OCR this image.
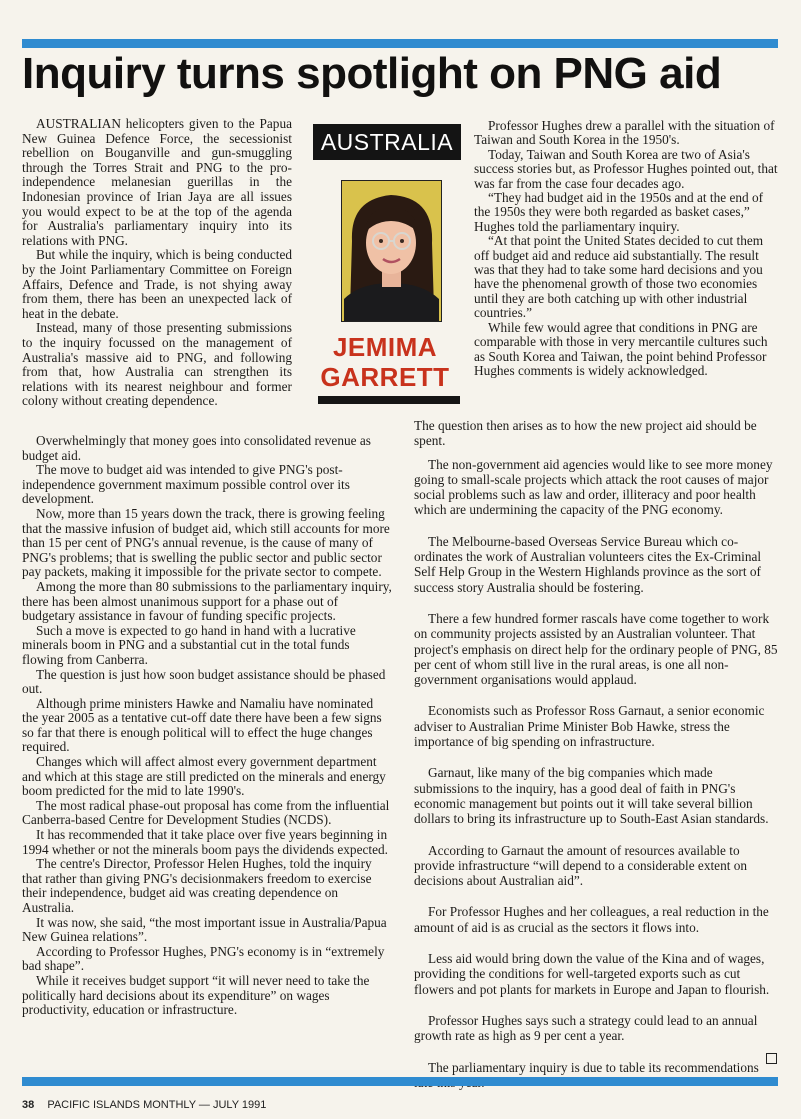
Inquiry turns spotlight on PNG aid

AUSTRALIAN helicopters given to the Papua New Guinea Defence Force, the secessionist rebellion on Bouganville and gun-smuggling through the Torres Strait and PNG to the pro-independence melanesian guerillas in the Indonesian province of Irian Jaya are all issues you would expect to be at the top of the agenda for Australia's parliamentary inquiry into its relations with PNG.

But while the inquiry, which is being conducted by the Joint Parliamentary Committee on Foreign Affairs, Defence and Trade, is not shying away from them, there has been an unexpected lack of heat in the debate.

Instead, many of those presenting submissions to the inquiry focussed on the management of Australia's massive aid to PNG, and following from that, how Australia can strengthen its relations with its nearest neighbour and former colony without creating dependence.

AUSTRALIA
JEMIMA
GARRETT

Overwhelmingly that money goes into consolidated revenue as budget aid.

The move to budget aid was intended to give PNG's post-independence government maximum possible control over its development.

Now, more than 15 years down the track, there is growing feeling that the massive infusion of budget aid, which still accounts for more than 15 per cent of PNG's annual revenue, is the cause of many of PNG's problems; that is swelling the public sector and public sector pay packets, making it impossible for the private sector to compete.

Among the more than 80 submissions to the parliamentary inquiry, there has been almost unanimous support for a phase out of budgetary assistance in favour of funding specific projects.

Such a move is expected to go hand in hand with a lucrative minerals boom in PNG and a substantial cut in the total funds flowing from Canberra.

The question is just how soon budget assistance should be phased out.

Although prime ministers Hawke and Namaliu have nominated the year 2005 as a tentative cut-off date there have been a few signs so far that there is enough political will to effect the huge changes required.

Changes which will affect almost every government department and which at this stage are still predicted on the minerals and energy boom predicted for the mid to late 1990's.

The most radical phase-out proposal has come from the influential Canberra-based Centre for Development Studies (NCDS).

It has recommended that it take place over five years beginning in 1994 whether or not the minerals boom pays the dividends expected.

The centre's Director, Professor Helen Hughes, told the inquiry that rather than giving PNG's decisionmakers freedom to exercise their independence, budget aid was creating dependence on Australia.

It was now, she said, “the most important issue in Australia/Papua New Guinea relations”.

According to Professor Hughes, PNG's economy is in “extremely bad shape”.

While it receives budget support “it will never need to take the politically hard decisions about its expenditure” on wages productivity, education or infrastructure.

Professor Hughes drew a parallel with the situation of Taiwan and South Korea in the 1950's.

Today, Taiwan and South Korea are two of Asia's success stories but, as Professor Hughes pointed out, that was far from the case four decades ago.

“They had budget aid in the 1950s and at the end of the 1950s they were both regarded as basket cases,” Hughes told the parliamentary inquiry.

“At that point the United States decided to cut them off budget aid and reduce aid substantially. The result was that they had to take some hard decisions and you have the phenomenal growth of those two economies until they are both catching up with other industrial countries.”

While few would agree that conditions in PNG are comparable with those in very mercantile cultures such as South Korea and Taiwan, the point behind Professor Hughes comments is widely acknowledged.

The question then arises as to how the new project aid should be spent.

The non-government aid agencies would like to see more money going to small-scale projects which attack the root causes of major social problems such as law and order, illiteracy and poor health which are undermining the capacity of the PNG economy.

The Melbourne-based Overseas Service Bureau which co-ordinates the work of Australian volunteers cites the Ex-Criminal Self Help Group in the Western Highlands province as the sort of success story Australia should be fostering.

There a few hundred former rascals have come together to work on community projects assisted by an Australian volunteer. That project's emphasis on direct help for the ordinary people of PNG, 85 per cent of whom still live in the rural areas, is one all non-government organisations would applaud.

Economists such as Professor Ross Garnaut, a senior economic adviser to Australian Prime Minister Bob Hawke, stress the importance of big spending on infrastructure.

Garnaut, like many of the big companies which made submissions to the inquiry, has a good deal of faith in PNG's economic management but points out it will take several billion dollars to bring its infrastructure up to South-East Asian standards.

According to Garnaut the amount of resources available to provide infrastructure “will depend to a considerable extent on decisions about Australian aid”.

For Professor Hughes and her colleagues, a real reduction in the amount of aid is as crucial as the sectors it flows into.

Less aid would bring down the value of the Kina and of wages, providing the conditions for well-targeted exports such as cut flowers and pot plants for markets in Europe and Japan to flourish.

Professor Hughes says such a strategy could lead to an annual growth rate as high as 9 per cent a year.

The parliamentary inquiry is due to table its recommendations

38 PACIFIC ISLANDS MONTHLY — JULY 1991
